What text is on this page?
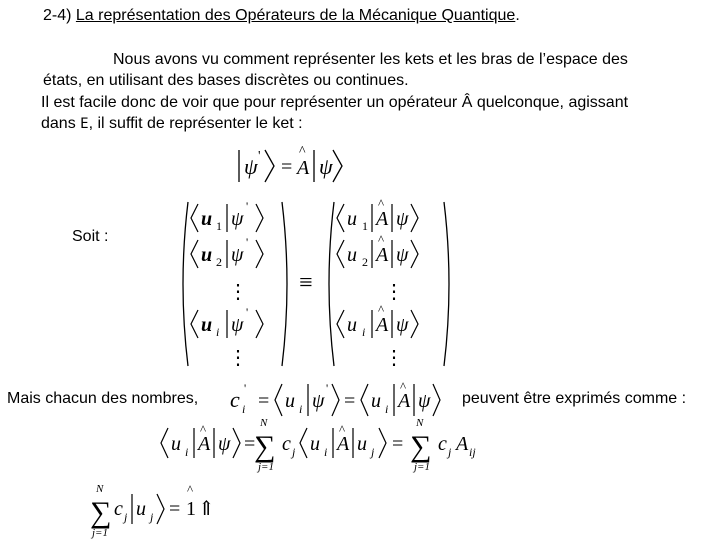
2-4) La représentation des Opérateurs de la Mécanique Quantique.
Nous avons vu comment représenter les kets et les bras de l’espace des
états, en utilisant des bases discrètes ou continues.
Il est facile donc de voir que pour représenter un opérateur Â quelconque, agissant
dans E, il suffit de représenter le ket :
ψ ' =
^
A ψ
Soit :
u 1 ψ
'
u 2 ψ
'
⋮
u i ψ
'
⋮
≡
u 1
^
A ψ
u 2
^
A ψ
⋮
u i
^
A ψ
⋮
Mais chacun des nombres, c i
'
= u i ψ
'
= u i
^
A ψ peuvent être exprimés comme :
u i
^
A ψ =
N
∑
j=1
c j u i
^
A u j =
N
∑
j=1
c j A ij
N
∑
j=1
c j u j =
^
1 ⇑
